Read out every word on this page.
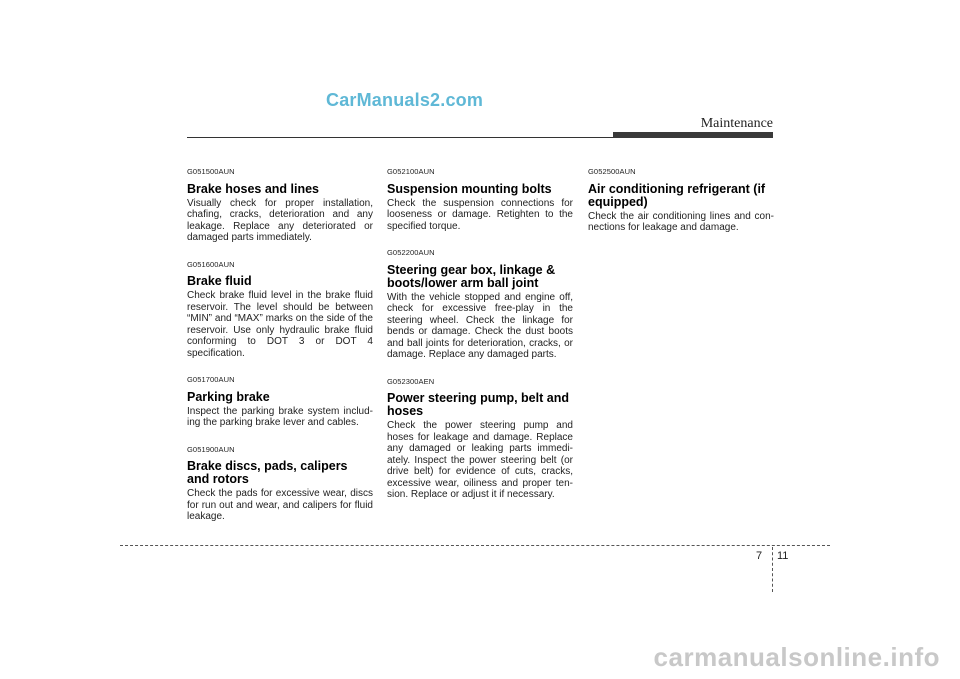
CarManuals2.com
Maintenance

G051500AUN

Brake hoses and lines

Visually check for proper installation, chafing, cracks, deterioration and any leakage. Replace any deteriorated or damaged parts immediately.

G051600AUN

Brake fluid

Check brake fluid level in the brake fluid reservoir. The level should be between “MIN” and “MAX” marks on the side of the reservoir. Use only hydraulic brake fluid conforming to DOT 3 or DOT 4 specification.

G051700AUN

Parking brake

Inspect the parking brake system includ-ing the parking brake lever and cables.

G051900AUN

Brake discs, pads, calipers and rotors

Check the pads for excessive wear, discs for run out and wear, and calipers for fluid leakage.

G052100AUN

Suspension mounting bolts

Check the suspension connections for looseness or damage. Retighten to the specified torque.

G052200AUN

Steering gear box, linkage & boots/lower arm ball joint

With the vehicle stopped and engine off, check for excessive free-play in the steering wheel. Check the linkage for bends or damage. Check the dust boots and ball joints for deterioration, cracks, or damage. Replace any damaged parts.

G052300AEN

Power steering pump, belt and hoses

Check the power steering pump and hoses for leakage and damage. Replace any damaged or leaking parts immedi-ately. Inspect the power steering belt (or drive belt) for evidence of cuts, cracks, excessive wear, oiliness and proper ten-sion. Replace or adjust it if necessary.

G052500AUN

Air conditioning refrigerant (if equipped)

Check the air conditioning lines and con-nections for leakage and damage.

7 11
carmanualsonline.info
